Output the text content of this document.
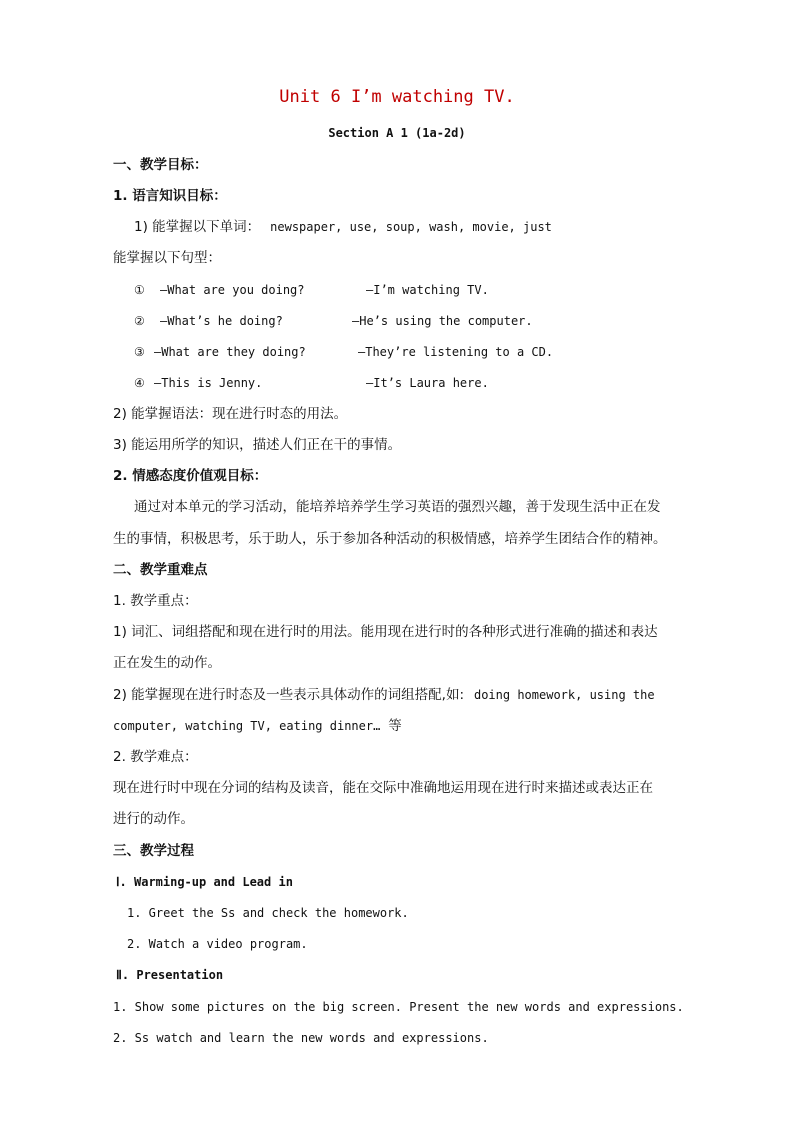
Unit 6 I’m watching TV.
Section A 1 (1a-2d)
一、教学目标：
1. 语言知识目标：
1) 能掌握以下单词： newspaper, use, soup, wash, movie, just
能掌握以下句型：
① —What are you doing?	—I’m watching TV.
② —What’s he doing?	—He’s using the computer.
③ —What are they doing?	—They’re listening to a CD.
④ —This is Jenny.	—It’s Laura here.
2) 能掌握语法：现在进行时态的用法。
3) 能运用所学的知识，描述人们正在干的事情。
2. 情感态度价值观目标：
通过对本单元的学习活动，能培养培养学生学习英语的强烈兴趣，善于发现生活中正在发
生的事情，积极思考，乐于助人，乐于参加各种活动的积极情感，培养学生团结合作的精神。
二、教学重难点
1. 教学重点：
1) 词汇、词组搭配和现在进行时的用法。能用现在进行时的各种形式进行准确的描述和表达
正在发生的动作。
2) 能掌握现在进行时态及一些表示具体动作的词组搭配,如: doing homework, using the
computer, watching TV, eating dinner… 等
2. 教学难点：
现在进行时中现在分词的结构及读音，能在交际中准确地运用现在进行时来描述或表达正在
进行的动作。
三、教学过程
Ⅰ. Warming-up and Lead in
1. Greet the Ss and check the homework.
2. Watch a video program.
Ⅱ. Presentation
1. Show some pictures on the big screen. Present the new words and expressions.
2. Ss watch and learn the new words and expressions.
